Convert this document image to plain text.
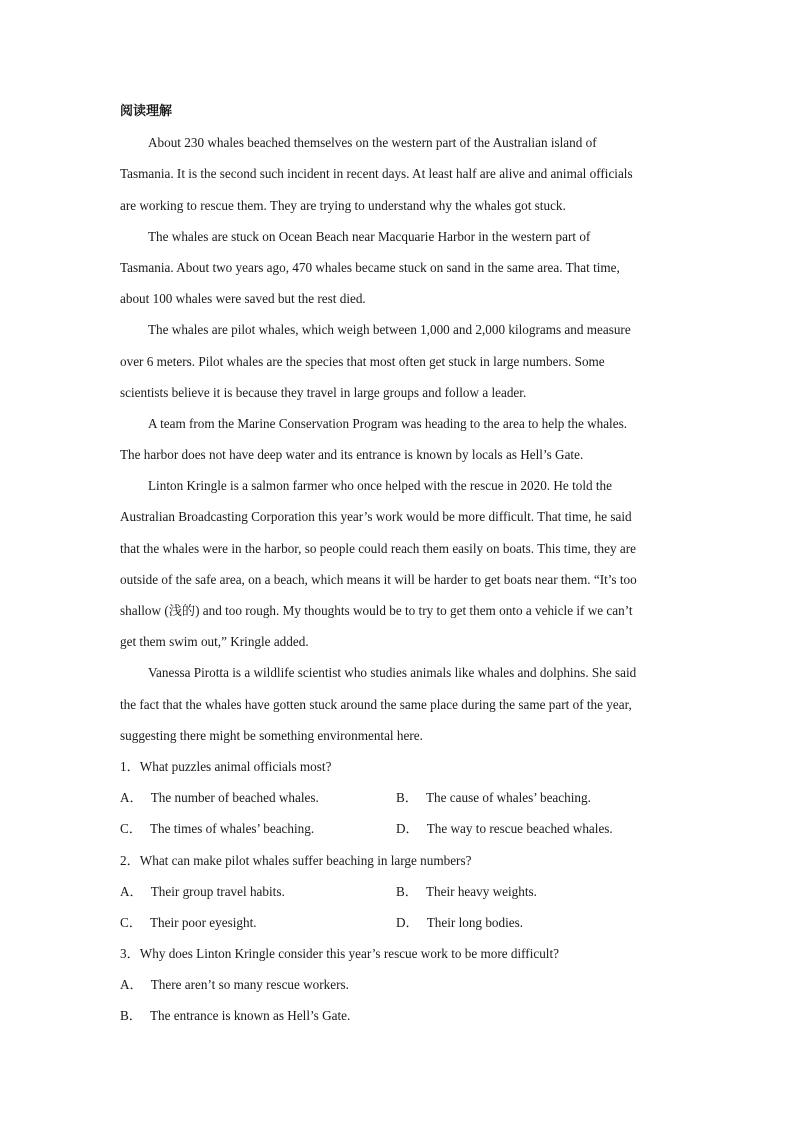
阅读理解
About 230 whales beached themselves on the western part of the Australian island of
Tasmania. It is the second such incident in recent days. At least half are alive and animal officials
are working to rescue them. They are trying to understand why the whales got stuck.
The whales are stuck on Ocean Beach near Macquarie Harbor in the western part of
Tasmania. About two years ago, 470 whales became stuck on sand in the same area. That time,
about 100 whales were saved but the rest died.
The whales are pilot whales, which weigh between 1,000 and 2,000 kilograms and measure
over 6 meters. Pilot whales are the species that most often get stuck in large numbers. Some
scientists believe it is because they travel in large groups and follow a leader.
A team from the Marine Conservation Program was heading to the area to help the whales.
The harbor does not have deep water and its entrance is known by locals as Hell’s Gate.
Linton Kringle is a salmon farmer who once helped with the rescue in 2020. He told the
Australian Broadcasting Corporation this year’s work would be more difficult. That time, he said
that the whales were in the harbor, so people could reach them easily on boats. This time, they are
outside of the safe area, on a beach, which means it will be harder to get boats near them. “It’s too
shallow (浅的) and too rough. My thoughts would be to try to get them onto a vehicle if we can’t
get them swim out,” Kringle added.
Vanessa Pirotta is a wildlife scientist who studies animals like whales and dolphins. She said
the fact that the whales have gotten stuck around the same place during the same part of the year,
suggesting there might be something environmental here.
1．What puzzles animal officials most?
A． The number of beached whales.	B． The cause of whales’ beaching.
C． The times of whales’ beaching.	D． The way to rescue beached whales.
2．What can make pilot whales suffer beaching in large numbers?
A． Their group travel habits.	B． Their heavy weights.
C． Their poor eyesight.	D． Their long bodies.
3．Why does Linton Kringle consider this year’s rescue work to be more difficult?
A． There aren’t so many rescue workers.
B． The entrance is known as Hell’s Gate.
